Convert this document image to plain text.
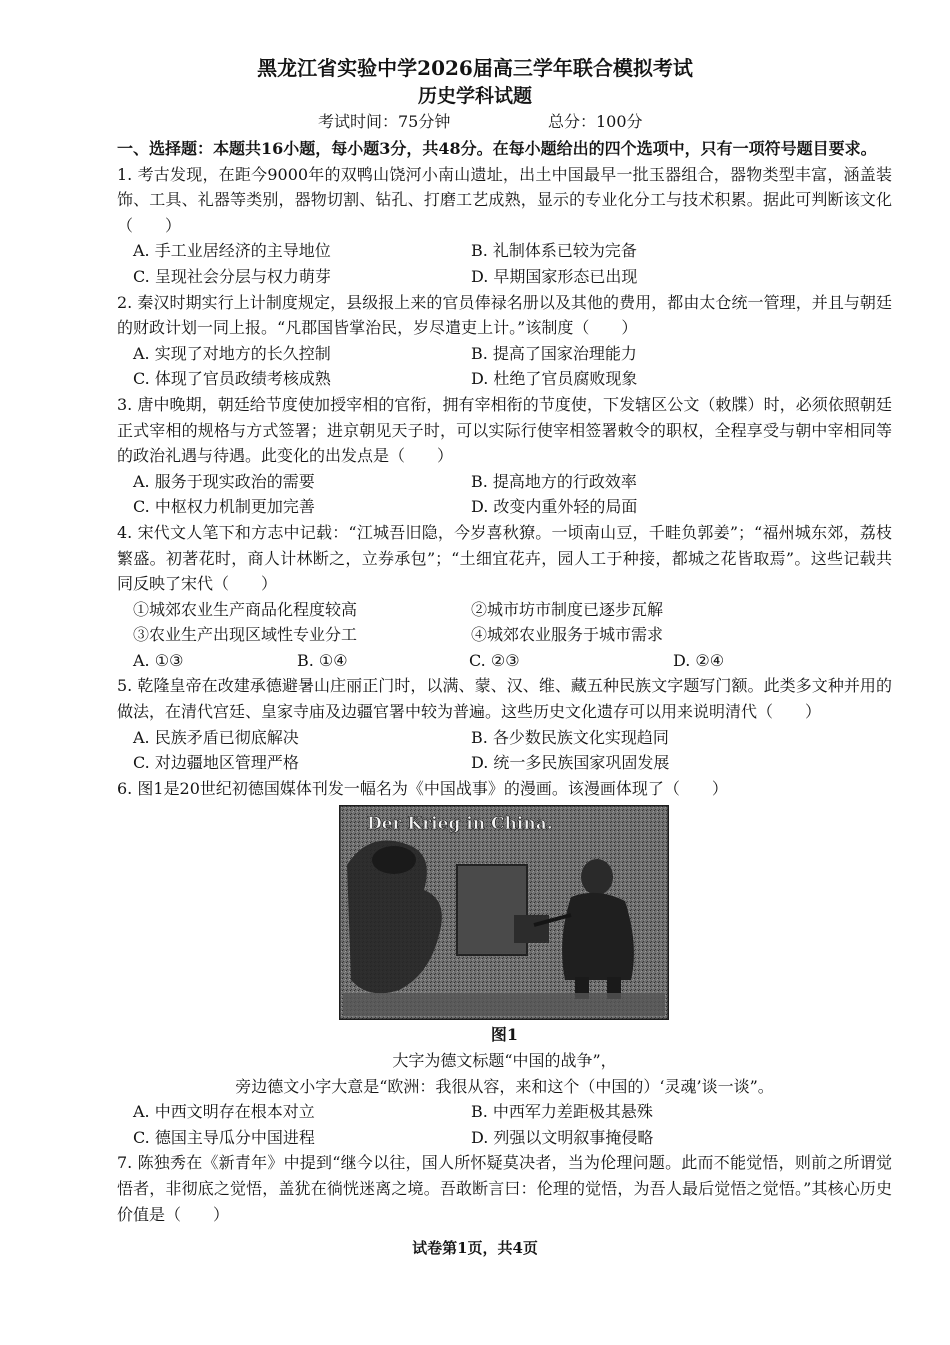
黑龙江省实验中学2026届高三学年联合模拟考试
历史学科试题
考试时间：75分钟	总分：100分

一、选择题：本题共16小题，每小题3分，共48分。在每小题给出的四个选项中，只有一项符号题目要求。

1. 考古发现，在距今9000年的双鸭山饶河小南山遗址，出土中国最早一批玉器组合，器物类型丰富，涵盖装饰、工具、礼器等类别，器物切割、钻孔、打磨工艺成熟，显示的专业化分工与技术积累。据此可判断该文化（　　）

A. 手工业居经济的主导地位	B. 礼制体系已较为完备
C. 呈现社会分层与权力萌芽	D. 早期国家形态已出现

2. 秦汉时期实行上计制度规定，县级报上来的官员俸禄名册以及其他的费用，都由太仓统一管理，并且与朝廷的财政计划一同上报。“凡郡国皆掌治民，岁尽遣吏上计。”该制度（　　）

A. 实现了对地方的长久控制	B. 提高了国家治理能力
C. 体现了官员政绩考核成熟	D. 杜绝了官员腐败现象

3. 唐中晚期，朝廷给节度使加授宰相的官衔，拥有宰相衔的节度使，下发辖区公文（敕牒）时，必须依照朝廷正式宰相的规格与方式签署；进京朝见天子时，可以实际行使宰相签署敕令的职权，全程享受与朝中宰相同等的政治礼遇与待遇。此变化的出发点是（　　）

A. 服务于现实政治的需要	B. 提高地方的行政效率
C. 中枢权力机制更加完善	D. 改变内重外轻的局面

4. 宋代文人笔下和方志中记载：“江城吾旧隐，今岁喜秋獠。一顷南山豆，千畦负郭姜”；“福州城东郊，荔枝繁盛。初著花时，商人计林断之，立券承包”；“土细宜花卉，园人工于种接，都城之花皆取焉”。这些记载共同反映了宋代（　　）

①城郊农业生产商品化程度较高	②城市坊市制度已逐步瓦解
③农业生产出现区域性专业分工	④城郊农业服务于城市需求
A. ①③	B. ①④	C. ②③	D. ②④

5. 乾隆皇帝在改建承德避暑山庄丽正门时，以满、蒙、汉、维、藏五种民族文字题写门额。此类多文种并用的做法，在清代宫廷、皇家寺庙及边疆官署中较为普遍。这些历史文化遗存可以用来说明清代（　　）

A. 民族矛盾已彻底解决	B. 各少数民族文化实现趋同
C. 对边疆地区管理严格	D. 统一多民族国家巩固发展

6. 图1是20世纪初德国媒体刊发一幅名为《中国战事》的漫画。该漫画体现了（　　）

Der Krieg in China.
图1

大字为德文标题“中国的战争”，

旁边德文小字大意是“欧洲：我很从容，来和这个（中国的）‘灵魂’谈一谈”。

A. 中西文明存在根本对立	B. 中西军力差距极其悬殊
C. 德国主导瓜分中国进程	D. 列强以文明叙事掩侵略

7. 陈独秀在《新青年》中提到“继今以往，国人所怀疑莫决者，当为伦理问题。此而不能觉悟，则前之所谓觉悟者，非彻底之觉悟，盖犹在徜恍迷离之境。吾敢断言曰：伦理的觉悟，为吾人最后觉悟之觉悟。”其核心历史价值是（　　）

试卷第1页，共4页
